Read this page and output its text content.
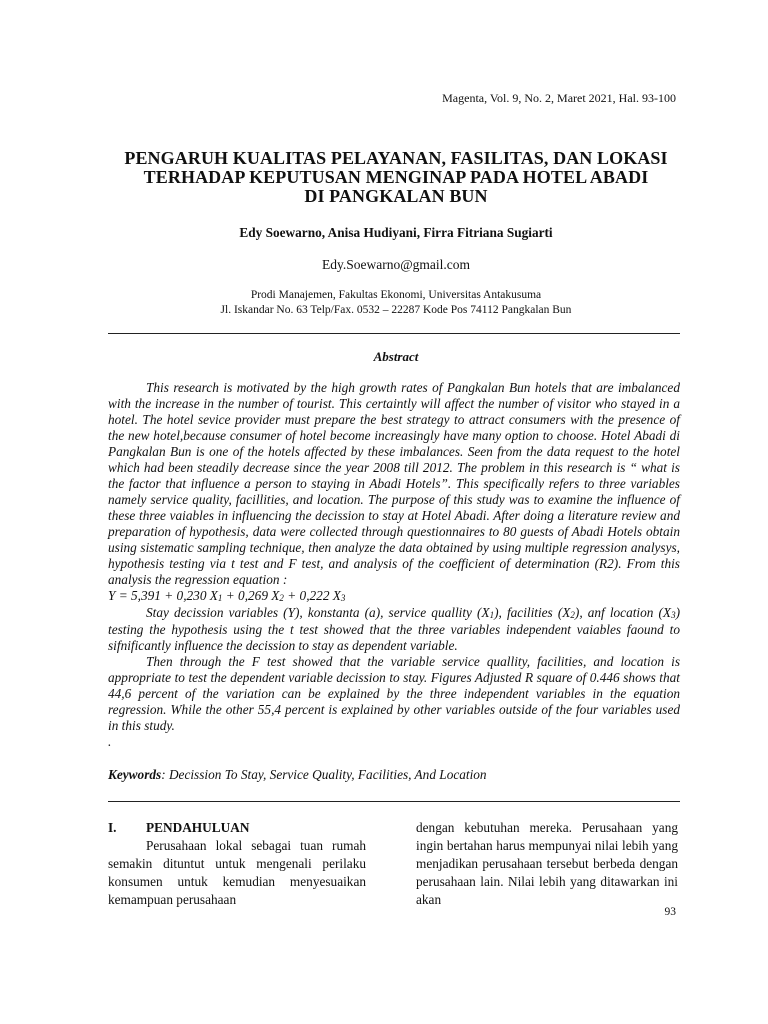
Magenta, Vol. 9, No. 2, Maret 2021, Hal. 93-100
PENGARUH KUALITAS PELAYANAN, FASILITAS, DAN LOKASI
TERHADAP KEPUTUSAN MENGINAP PADA HOTEL ABADI
DI PANGKALAN BUN
Edy Soewarno, Anisa Hudiyani, Firra Fitriana Sugiarti
Edy.Soewarno@gmail.com
Prodi Manajemen, Fakultas Ekonomi, Universitas Antakusuma
Jl. Iskandar No. 63 Telp/Fax. 0532 – 22287 Kode Pos 74112 Pangkalan Bun
Abstract

This research is motivated by the high growth rates of Pangkalan Bun hotels that are imbalanced with the increase in the number of tourist. This certaintly will affect the number of visitor who stayed in a hotel. The hotel sevice provider must prepare the best strategy to attract consumers with the presence of the new hotel,because consumer of hotel become increasingly have many option to choose. Hotel Abadi di Pangkalan Bun is one of the hotels affected by these imbalances. Seen from the data request to the hotel which had been steadily decrease since the year 2008 till 2012. The problem in this research is “ what is the factor that influence a person to staying in Abadi Hotels”. This specifically refers to three variables namely service quality, facillities, and location. The purpose of this study was to examine the influence of these three vaiables in influencing the decission to stay at Hotel Abadi. After doing a literature review and preparation of hypothesis, data were collected through questionnaires to 80 guests of Abadi Hotels obtain using sistematic sampling technique, then analyze the data obtained by using multiple regression analysys, hypothesis testing via t test and F test, and analysis of the coefficient of determination (R2). From this analysis the regression equation :

Y = 5,391 + 0,230 $X_1 + 0,269$ $X_2 + 0,222$ $X_3$

Stay decission variables (Y), konstanta (a), service quallity $(X_1)$, facilities $(X_2)$, anf location $(X_3)$ testing the hypothesis using the t test showed that the three variables independent vaiables faound to sifnificantly influence the decission to stay as dependent variable.

Then through the F test showed that the variable service quallity, facilities, and location is appropriate to test the dependent variable decission to stay. Figures Adjusted R square of 0.446 shows that 44,6 percent of the variation can be explained by the three independent variables in the equation regression. While the other 55,4 percent is explained by other variables outside of the four variables used in this study.

.

Keywords: Decission To Stay, Service Quality, Facilities, And Location

I. PENDAHULUAN

Perusahaan lokal sebagai tuan rumah semakin dituntut untuk mengenali perilaku konsumen untuk kemudian menyesuaikan kemampuan perusahaan

dengan kebutuhan mereka. Perusahaan yang ingin bertahan harus mempunyai nilai lebih yang menjadikan perusahaan tersebut berbeda dengan perusahaan lain. Nilai lebih yang ditawarkan ini akan

93
